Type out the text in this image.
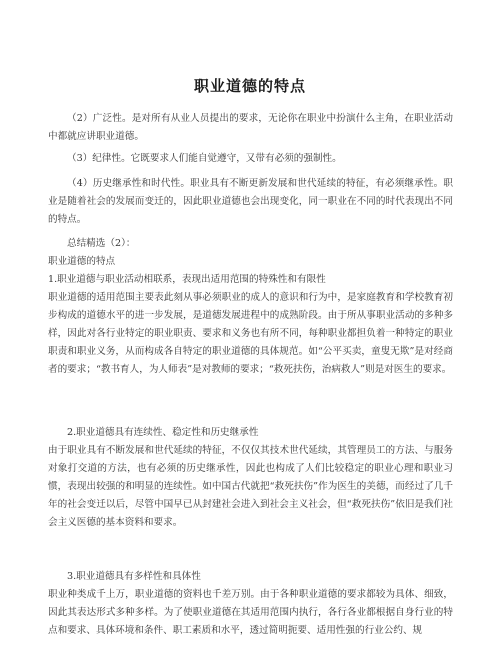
职业道德的特点

（2）广泛性。是对所有从业人员提出的要求，无论你在职业中扮演什么主角，在职业活动中都就应讲职业道德。

（3）纪律性。它既要求人们能自觉遵守，又带有必须的强制性。

（4）历史继承性和时代性。职业具有不断更新发展和世代延续的特征，有必须继承性。职业是随着社会的发展而变迁的，因此职业道德也会出现变化，同一职业在不同的时代表现出不同的特点。

总结精选（2）：

职业道德的特点

1.职业道德与职业活动相联系，表现出适用范围的特殊性和有限性

职业道德的适用范围主要表此刻从事必须职业的成人的意识和行为中，是家庭教育和学校教育初步构成的道德水平的进一步发展，是道德发展进程中的成熟阶段。由于所从事职业活动的多种多样，因此对各行业特定的职业职责、要求和义务也有所不同，每种职业都担负着一种特定的职业职责和职业义务，从而构成各自特定的职业道德的具体规范。如“公平买卖，童叟无欺”是对经商者的要求；“教书育人，为人师表”是对教师的要求；“救死扶伤，治病救人”则是对医生的要求。

2.职业道德具有连续性、稳定性和历史继承性

由于职业具有不断发展和世代延续的特征，不仅仅其技术世代延续，其管理员工的方法、与服务对象打交道的方法，也有必须的历史继承性，因此也构成了人们比较稳定的职业心理和职业习惯，表现出较强的和明显的连续性。如中国古代就把“救死扶伤”作为医生的美德，而经过了几千年的社会变迁以后，尽管中国早已从封建社会进入到社会主义社会，但“救死扶伤”依旧是我们社会主义医德的基本资料和要求。

3.职业道德具有多样性和具体性

职业种类成千上万，职业道德的资料也千差万别。由于各种职业道德的要求都较为具体、细致，因此其表达形式多种多样。为了使职业道德在其适用范围内执行，各行各业都根据自身行业的特点和要求、具体环境和条件、职工素质和水平，透过简明扼要、适用性强的行业公约、规
